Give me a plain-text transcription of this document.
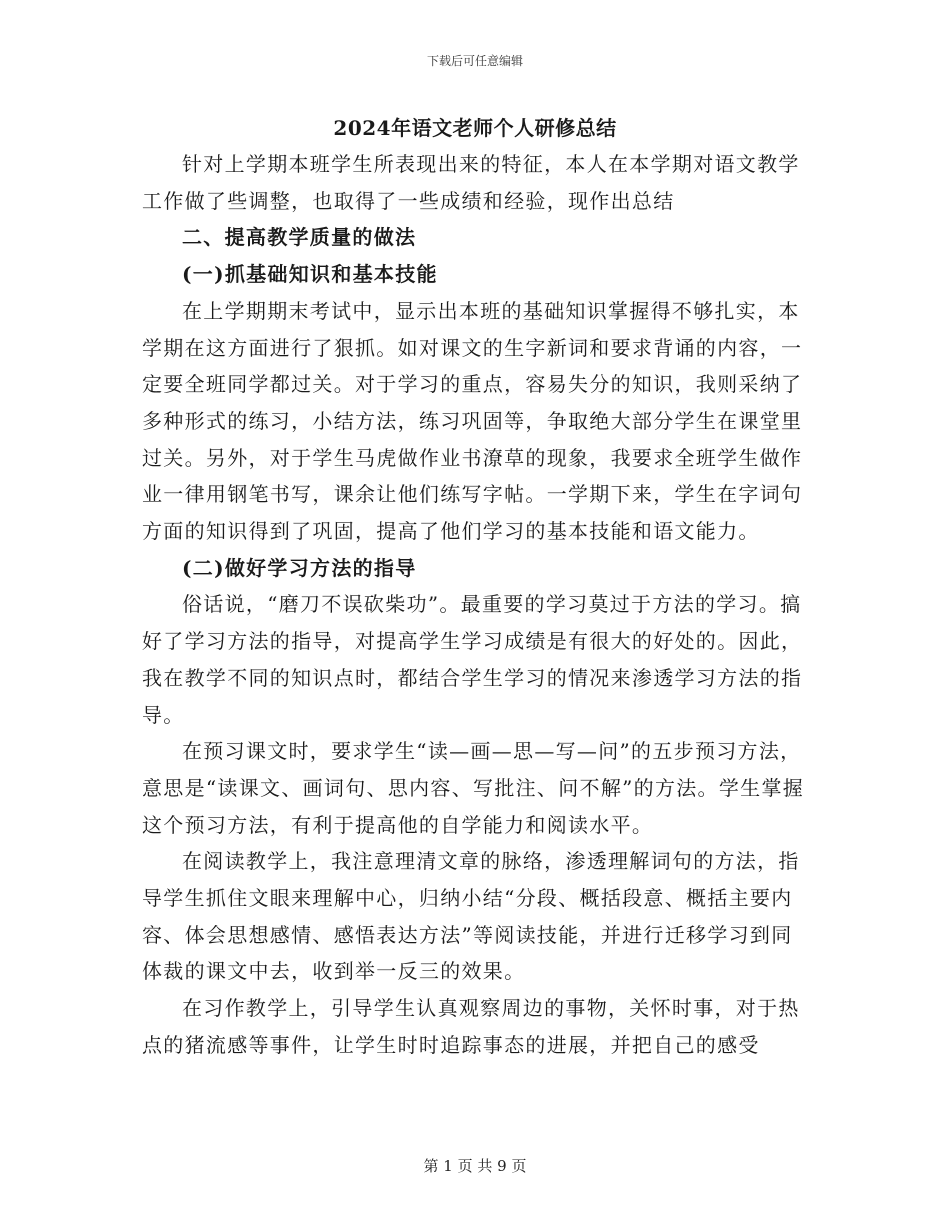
下载后可任意编辑
2024年语文老师个人研修总结

针对上学期本班学生所表现出来的特征，本人在本学期对语文教学工作做了些调整，也取得了一些成绩和经验，现作出总结

二、提高教学质量的做法

(一)抓基础知识和基本技能

在上学期期末考试中，显示出本班的基础知识掌握得不够扎实，本学期在这方面进行了狠抓。如对课文的生字新词和要求背诵的内容，一定要全班同学都过关。对于学习的重点，容易失分的知识，我则采纳了多种形式的练习，小结方法，练习巩固等，争取绝大部分学生在课堂里过关。另外，对于学生马虎做作业书潦草的现象，我要求全班学生做作业一律用钢笔书写，课余让他们练写字帖。一学期下来，学生在字词句方面的知识得到了巩固，提高了他们学习的基本技能和语文能力。

(二)做好学习方法的指导

俗话说，“磨刀不误砍柴功”。最重要的学习莫过于方法的学习。搞好了学习方法的指导，对提高学生学习成绩是有很大的好处的。因此，我在教学不同的知识点时，都结合学生学习的情况来渗透学习方法的指导。

在预习课文时，要求学生“读—画—思—写—问”的五步预习方法，意思是“读课文、画词句、思内容、写批注、问不解”的方法。学生掌握这个预习方法，有利于提高他的自学能力和阅读水平。

在阅读教学上，我注意理清文章的脉络，渗透理解词句的方法，指导学生抓住文眼来理解中心，归纳小结“分段、概括段意、概括主要内容、体会思想感情、感悟表达方法”等阅读技能，并进行迁移学习到同体裁的课文中去，收到举一反三的效果。

在习作教学上，引导学生认真观察周边的事物，关怀时事，对于热点的猪流感等事件，让学生时时追踪事态的进展，并把自己的感受

第 1 页 共 9 页
